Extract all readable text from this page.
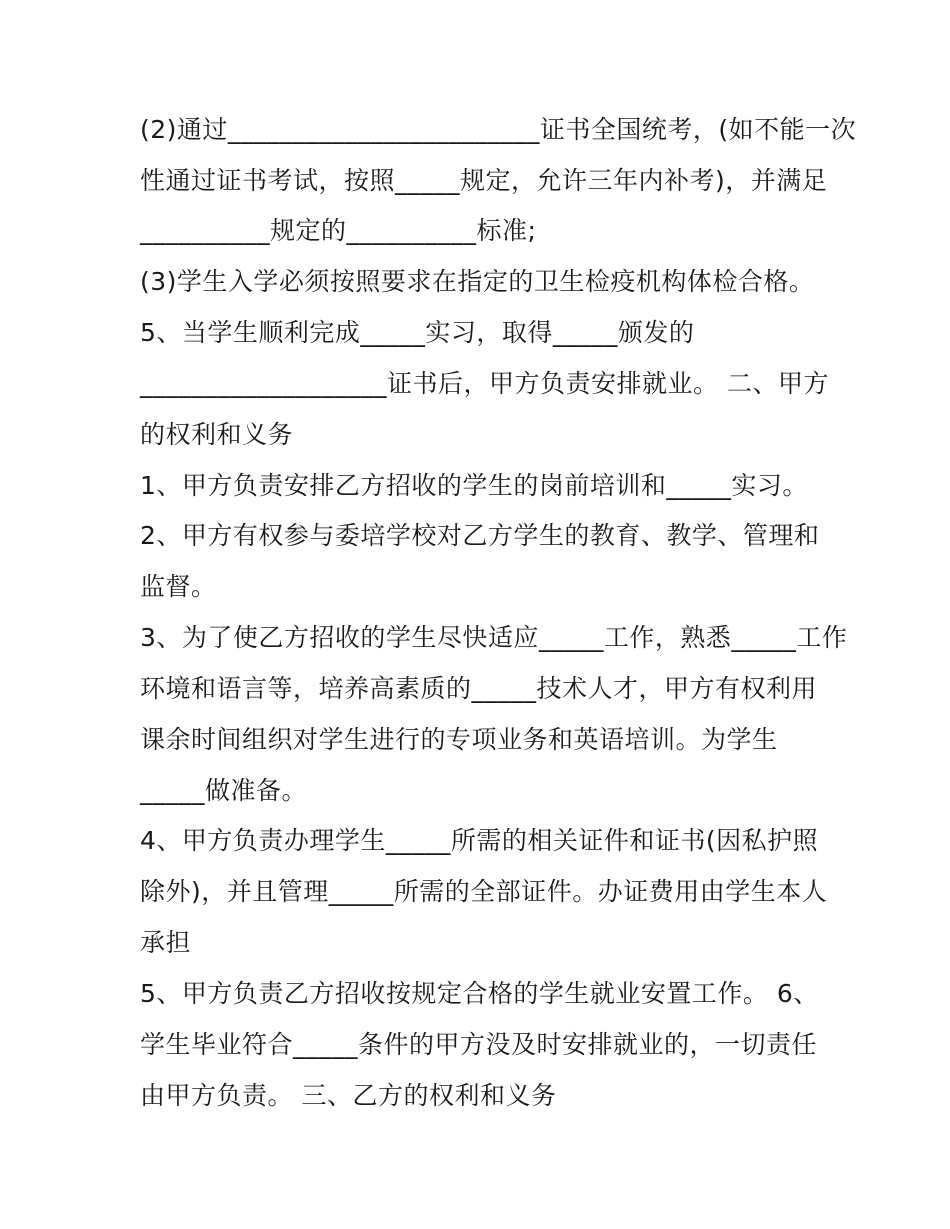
(2)通过________________________证书全国统考，(如不能一次
性通过证书考试，按照_____规定，允许三年内补考)，并满足
__________规定的__________标准;
(3)学生入学必须按照要求在指定的卫生检疫机构体检合格。
5、当学生顺利完成_____实习，取得_____颁发的
___________________证书后，甲方负责安排就业。 二、甲方
的权利和义务
1、甲方负责安排乙方招收的学生的岗前培训和_____实习。
2、甲方有权参与委培学校对乙方学生的教育、教学、管理和
监督。
3、为了使乙方招收的学生尽快适应_____工作，熟悉_____工作
环境和语言等，培养高素质的_____技术人才，甲方有权利用
课余时间组织对学生进行的专项业务和英语培训。为学生
_____做准备。
4、甲方负责办理学生_____所需的相关证件和证书(因私护照
除外)，并且管理_____所需的全部证件。办证费用由学生本人
承担
5、甲方负责乙方招收按规定合格的学生就业安置工作。 6、
学生毕业符合_____条件的甲方没及时安排就业的，一切责任
由甲方负责。 三、乙方的权利和义务
